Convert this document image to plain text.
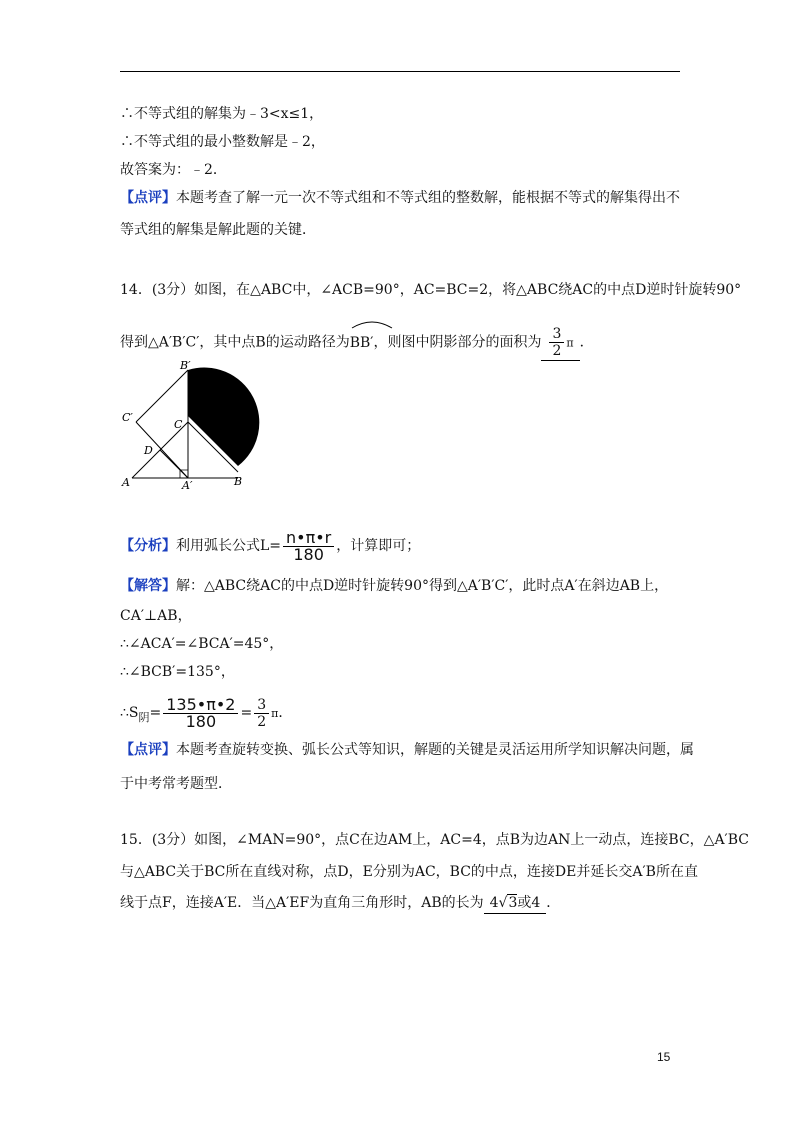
∴不等式组的解集为﹣3<x≤1，
∴不等式组的最小整数解是﹣2，
故答案为：﹣2．
【点评】本题考查了解一元一次不等式组和不等式组的整数解，能根据不等式的解集得出不
等式组的解集是解此题的关键．
14．(3分）如图，在△ABC中，∠ACB=90°，AC=BC=2，将△ABC绕AC的中点D逆时针旋转90°
得到△A′B′C′，其中点B的运动路径为
BB′，则图中阴影部分的面积为 $\frac{3}{2}$ π ．
B′
C′
C
D
A	A′	B
【分析】利用弧长公式$L= \frac{n•\pi•r}{180}$ ，计算即可；
【解答】解：△ABC绕AC的中点D逆时针旋转90°得到△A′B′C′，此时点A′在斜边AB上，
CA′⊥AB，
∴∠ACA′=∠BCA′=45°，
∴∠BCB′=135°，
$\therefore S_阴= \frac{135•\pi•2}{180} = \frac{3}{2}$ π．
【点评】本题考查旋转变换、弧长公式等知识，解题的关键是灵活运用所学知识解决问题，属
于中考常考题型．
15．(3分）如图，∠MAN=90°，点C在边AM上，AC=4，点B为边AN上一动点，连接BC，△A′BC
与△ABC关于BC所在直线对称，点D，E分别为AC，BC的中点，连接DE并延长交A′B所在直
线于点F，连接A′E．当△A′EF为直角三角形时，AB的长为 4√3或4 ．
15
